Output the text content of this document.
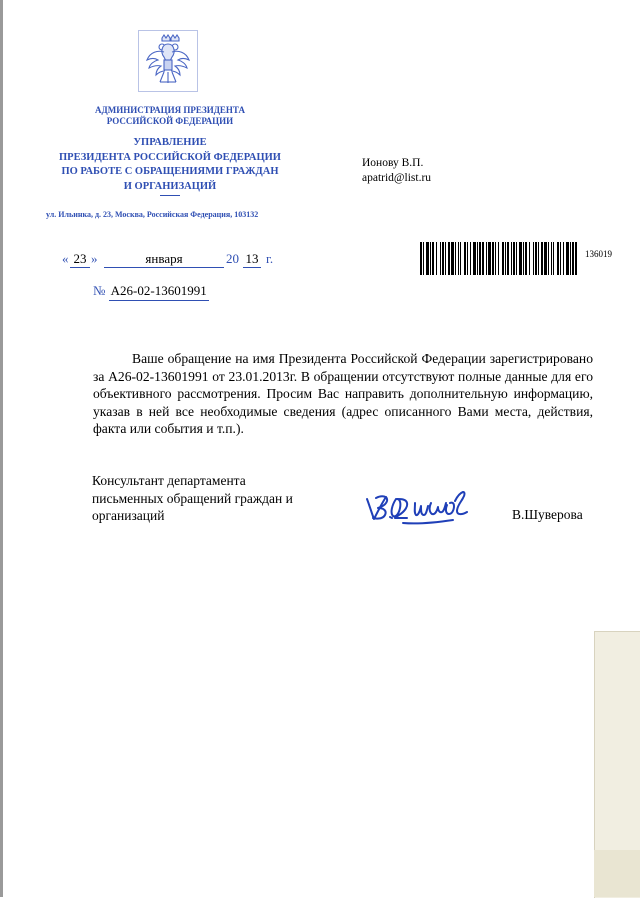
АДМИНИСТРАЦИЯ ПРЕЗИДЕНТА
РОССИЙСКОЙ ФЕДЕРАЦИИ
УПРАВЛЕНИЕ
ПРЕЗИДЕНТА РОССИЙСКОЙ ФЕДЕРАЦИИ
ПО РАБОТЕ С ОБРАЩЕНИЯМИ ГРАЖДАН
И ОРГАНИЗАЦИЙ
ул. Ильинка, д. 23, Москва, Российская Федерация, 103132
Ионову В.П.
apatrid@list.ru
136019
« 23 »	января	20 13 г.
№ А26-02-13601991
Ваше обращение на имя Президента Российской Федерации зарегистрировано за А26-02-13601991 от 23.01.2013г. В обращении отсутствуют полные данные для его объективного рассмотрения. Просим Вас направить дополнительную информацию, указав в ней все необходимые сведения (адрес описанного Вами места, действия, факта или события и т.п.).
Консультант департамента
письменных обращений граждан и
организаций	В.Шуверова
